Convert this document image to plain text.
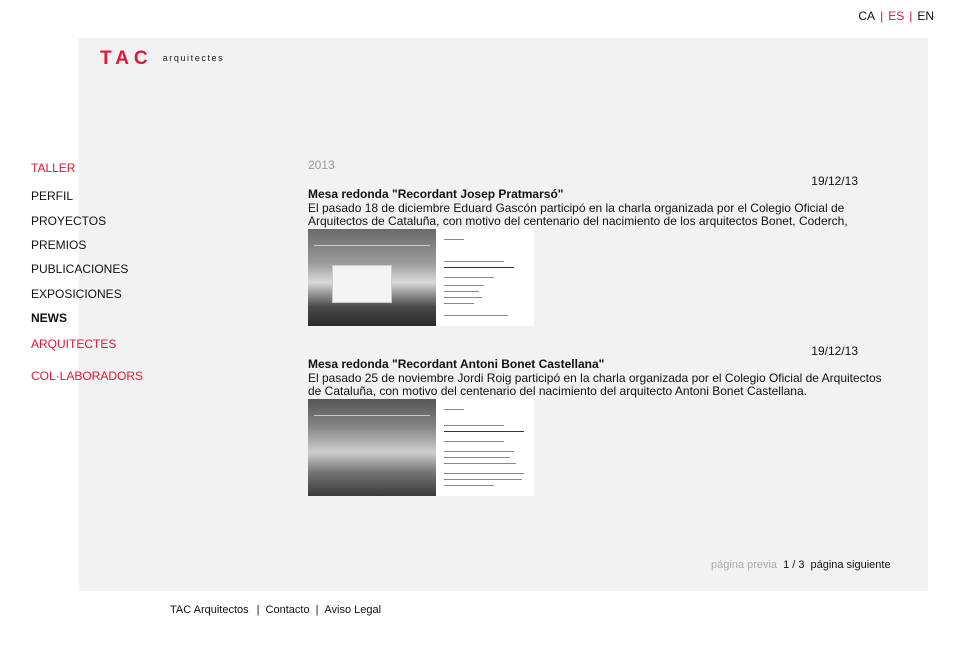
CA | ES | EN
TAC $^{arquitectes}$
TALLER
PERFIL
PROYECTOS
PREMIOS
PUBLICACIONES
EXPOSICIONES
NEWS
ARQUITECTES
COL·LABORADORS
2013
19/12/13
Mesa redonda "Recordant Josep Pratmarsó"

El pasado 18 de diciembre Eduard Gascón participó en la charla organizada por el Colegio Oficial de Arquitectos de Cataluña, con motivo del centenario del nacimiento de los arquitectos Bonet, Coderch,

19/12/13
Mesa redonda "Recordant Antoni Bonet Castellana"

El pasado 25 de noviembre Jordi Roig participó en la charla organizada por el Colegio Oficial de Arquitectos de Cataluña, con motivo del centenario del nacimiento del arquitecto Antoni Bonet Castellana.

página previa 1 / 3 página siguiente
TAC Arquitectos | Contacto | Aviso Legal
